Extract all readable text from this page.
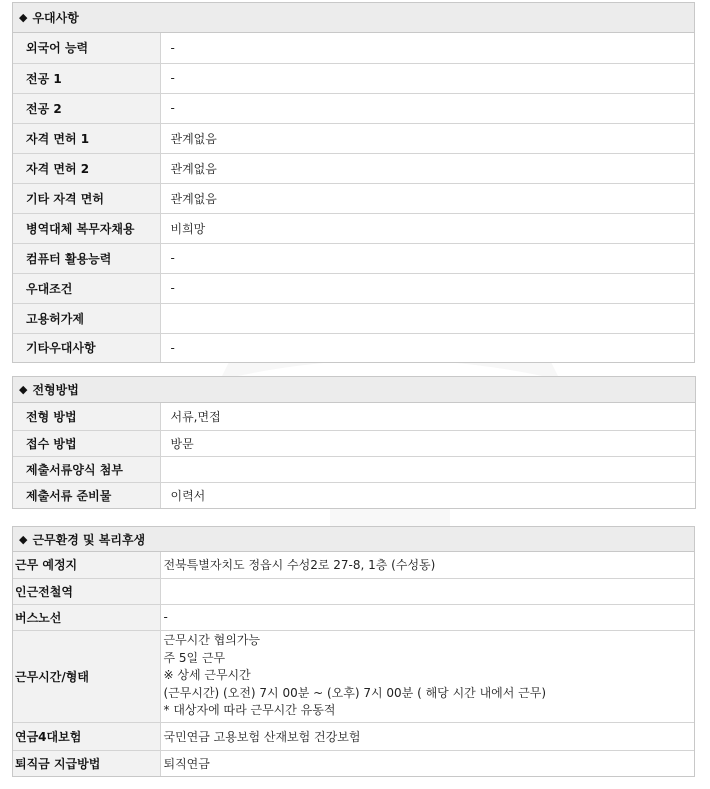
◆ 우대사항
외국어 능력	-
전공 1	-
전공 2	-
자격 면허 1	관계없음
자격 면허 2	관계없음
기타 자격 면허	관계없음
병역대체 복무자채용	비희망
컴퓨터 활용능력	-
우대조건	-
고용허가제	
기타우대사항	-
◆ 전형방법
전형 방법	서류,면접
접수 방법	방문
제출서류양식 첨부	
제출서류 준비물	이력서
◆ 근무환경 및 복리후생
근무 예정지	전북특별자치도 정읍시 수성2로 27-8, 1층 (수성동)
인근전철역	
버스노선	-
근무시간/형태	근무시간 협의가능
주 5일 근무
※ 상세 근무시간
(근무시간) (오전) 7시 00분 ~ (오후) 7시 00분 ( 해당 시간 내에서 근무)
* 대상자에 따라 근무시간 유동적

연금4대보험	국민연금 고용보험 산재보험 건강보험
퇴직금 지급방법	퇴직연금
